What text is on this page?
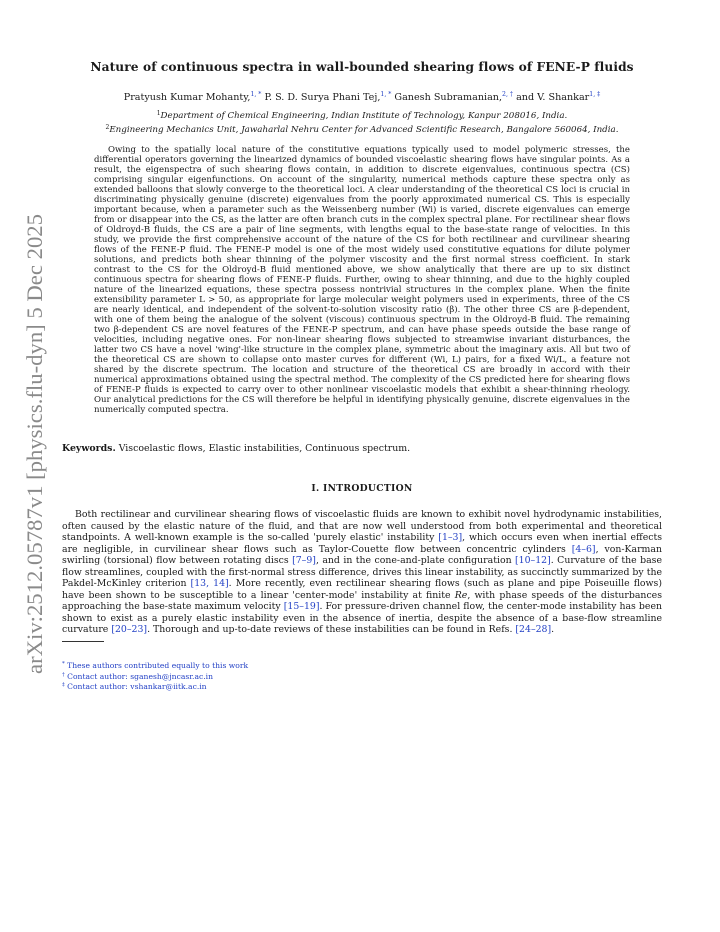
arXiv:2512.05787v1 [physics.flu-dyn] 5 Dec 2025
Nature of continuous spectra in wall-bounded shearing flows of FENE-P fluids

Pratyush Kumar Mohanty,$^{1, *}$ P. S. D. Surya Phani Tej,$^{1, *}$ Ganesh Subramanian,$^{2, \dagger}$ and V. Shankar$^{1, \ddagger}$

$^1$Department of Chemical Engineering, Indian Institute of Technology, Kanpur 208016, India.

$^2$Engineering Mechanics Unit, Jawaharlal Nehru Center for Advanced Scientific Research, Bangalore 560064, India.

Owing to the spatially local nature of the constitutive equations typically used to model polymeric stresses, the differential operators governing the linearized dynamics of bounded viscoelastic shearing flows have singular points. As a result, the eigenspectra of such shearing flows contain, in addition to discrete eigenvalues, continuous spectra (CS) comprising singular eigenfunctions. On account of the singularity, numerical methods capture these spectra only as extended balloons that slowly converge to the theoretical loci. A clear understanding of the theoretical CS loci is crucial in discriminating physically genuine (discrete) eigenvalues from the poorly approximated numerical CS. This is especially important because, when a parameter such as the Weissenberg number (Wi) is varied, discrete eigenvalues can emerge from or disappear into the CS, as the latter are often branch cuts in the complex spectral plane. For rectilinear shear flows of Oldroyd-B fluids, the CS are a pair of line segments, with lengths equal to the base-state range of velocities. In this study, we provide the first comprehensive account of the nature of the CS for both rectilinear and curvilinear shearing flows of the FENE-P fluid. The FENE-P model is one of the most widely used constitutive equations for dilute polymer solutions, and predicts both shear thinning of the polymer viscosity and the first normal stress coefficient. In stark contrast to the CS for the Oldroyd-B fluid mentioned above, we show analytically that there are up to six distinct continuous spectra for shearing flows of FENE-P fluids. Further, owing to shear thinning, and due to the highly coupled nature of the linearized equations, these spectra possess nontrivial structures in the complex plane. When the finite extensibility parameter L > 50, as appropriate for large molecular weight polymers used in experiments, three of the CS are nearly identical, and independent of the solvent-to-solution viscosity ratio (β). The other three CS are β-dependent, with one of them being the analogue of the solvent (viscous) continuous spectrum in the Oldroyd-B fluid. The remaining two β-dependent CS are novel features of the FENE-P spectrum, and can have phase speeds outside the base range of velocities, including negative ones. For non-linear shearing flows subjected to streamwise invariant disturbances, the latter two CS have a novel 'wing'-like structure in the complex plane, symmetric about the imaginary axis. All but two of the theoretical CS are shown to collapse onto master curves for different (Wi, L) pairs, for a fixed Wi/L, a feature not shared by the discrete spectrum. The location and structure of the theoretical CS are broadly in accord with their numerical approximations obtained using the spectral method. The complexity of the CS predicted here for shearing flows of FENE-P fluids is expected to carry over to other nonlinear viscoelastic models that exhibit a shear-thinning rheology. Our analytical predictions for the CS will therefore be helpful in identifying physically genuine, discrete eigenvalues in the numerically computed spectra.

Keywords. Viscoelastic flows, Elastic instabilities, Continuous spectrum.

I. INTRODUCTION

Both rectilinear and curvilinear shearing flows of viscoelastic fluids are known to exhibit novel hydrodynamic instabilities, often caused by the elastic nature of the fluid, and that are now well understood from both experimental and theoretical standpoints. A well-known example is the so-called 'purely elastic' instability [1–3], which occurs even when inertial effects are negligible, in curvilinear shear flows such as Taylor-Couette flow between concentric cylinders [4–6], von-Karman swirling (torsional) flow between rotating discs [7–9], and in the cone-and-plate configuration [10–12]. Curvature of the base flow streamlines, coupled with the first-normal stress difference, drives this linear instability, as succinctly summarized by the Pakdel-McKinley criterion [13, 14]. More recently, even rectilinear shearing flows (such as plane and pipe Poiseuille flows) have been shown to be susceptible to a linear 'center-mode' instability at finite Re, with phase speeds of the disturbances approaching the base-state maximum velocity [15–19]. For pressure-driven channel flow, the center-mode instability has been shown to exist as a purely elastic instability even in the absence of inertia, despite the absence of a base-flow streamline curvature [20–23]. Thorough and up-to-date reviews of these instabilities can be found in Refs. [24–28].

* These authors contributed equally to this work
† Contact author: sganesh@jncasr.ac.in
‡ Contact author: vshankar@iitk.ac.in
